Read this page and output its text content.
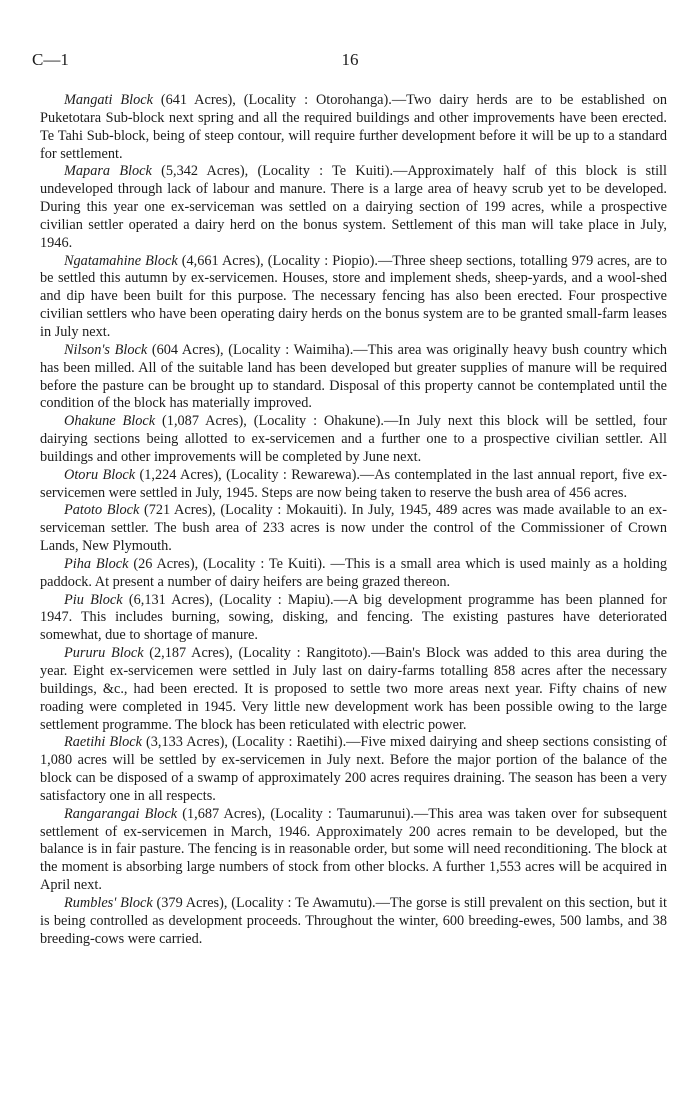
C—1	16

Mangati Block (641 Acres), (Locality : Otorohanga).—Two dairy herds are to be established on Puketotara Sub-block next spring and all the required buildings and other improvements have been erected. Te Tahi Sub-block, being of steep contour, will require further development before it will be up to a standard for settlement.

Mapara Block (5,342 Acres), (Locality : Te Kuiti).—Approximately half of this block is still undeveloped through lack of labour and manure. There is a large area of heavy scrub yet to be developed. During this year one ex-serviceman was settled on a dairying section of 199 acres, while a prospective civilian settler operated a dairy herd on the bonus system. Settlement of this man will take place in July, 1946.

Ngatamahine Block (4,661 Acres), (Locality : Piopio).—Three sheep sections, totalling 979 acres, are to be settled this autumn by ex-servicemen. Houses, store and implement sheds, sheep-yards, and a wool-shed and dip have been built for this purpose. The necessary fencing has also been erected. Four prospective civilian settlers who have been operating dairy herds on the bonus system are to be granted small-farm leases in July next.

Nilson's Block (604 Acres), (Locality : Waimiha).—This area was originally heavy bush country which has been milled. All of the suitable land has been developed but greater supplies of manure will be required before the pasture can be brought up to standard. Disposal of this property cannot be contemplated until the condition of the block has materially improved.

Ohakune Block (1,087 Acres), (Locality : Ohakune).—In July next this block will be settled, four dairying sections being allotted to ex-servicemen and a further one to a prospective civilian settler. All buildings and other improvements will be completed by June next.

Otoru Block (1,224 Acres), (Locality : Rewarewa).—As contemplated in the last annual report, five ex-servicemen were settled in July, 1945. Steps are now being taken to reserve the bush area of 456 acres.

Patoto Block (721 Acres), (Locality : Mokauiti). In July, 1945, 489 acres was made available to an ex-serviceman settler. The bush area of 233 acres is now under the control of the Commissioner of Crown Lands, New Plymouth.

Piha Block (26 Acres), (Locality : Te Kuiti). —This is a small area which is used mainly as a holding paddock. At present a number of dairy heifers are being grazed thereon.

Piu Block (6,131 Acres), (Locality : Mapiu).—A big development programme has been planned for 1947. This includes burning, sowing, disking, and fencing. The existing pastures have deteriorated somewhat, due to shortage of manure.

Pururu Block (2,187 Acres), (Locality : Rangitoto).—Bain's Block was added to this area during the year. Eight ex-servicemen were settled in July last on dairy-farms totalling 858 acres after the necessary buildings, &c., had been erected. It is proposed to settle two more areas next year. Fifty chains of new roading were completed in 1945. Very little new development work has been possible owing to the large settlement programme. The block has been reticulated with electric power.

Raetihi Block (3,133 Acres), (Locality : Raetihi).—Five mixed dairying and sheep sections consisting of 1,080 acres will be settled by ex-servicemen in July next. Before the major portion of the balance of the block can be disposed of a swamp of approximately 200 acres requires draining. The season has been a very satisfactory one in all respects.

Rangarangai Block (1,687 Acres), (Locality : Taumarunui).—This area was taken over for subsequent settlement of ex-servicemen in March, 1946. Approximately 200 acres remain to be developed, but the balance is in fair pasture. The fencing is in reasonable order, but some will need reconditioning. The block at the moment is absorbing large numbers of stock from other blocks. A further 1,553 acres will be acquired in April next.

Rumbles' Block (379 Acres), (Locality : Te Awamutu).—The gorse is still prevalent on this section, but it is being controlled as development proceeds. Throughout the winter, 600 breeding-ewes, 500 lambs, and 38 breeding-cows were carried.
